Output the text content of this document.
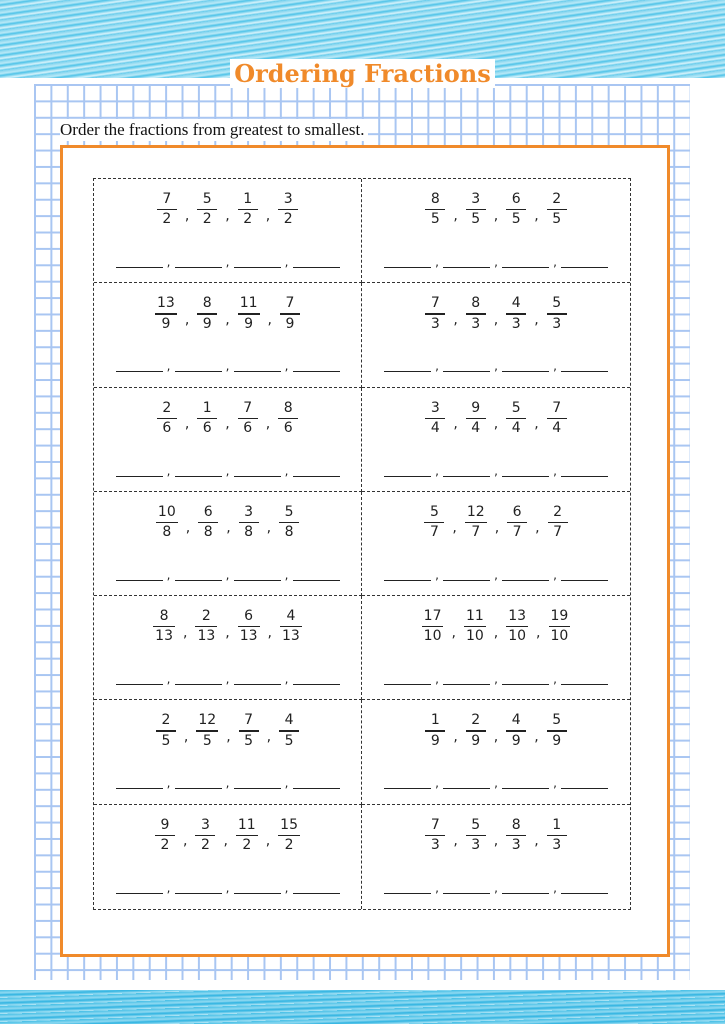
Ordering Fractions
Order the fractions from greatest to smallest.
$\frac{7}{2}$ , $\frac{5}{2}$ , $\frac{1}{2}$ , $\frac{3}{2}$
,	,	,
$\frac{8}{5}$ , $\frac{3}{5}$ , $\frac{6}{5}$ , $\frac{2}{5}$
,	,	,
$\frac{13}{9}$ , $\frac{8}{9}$ , $\frac{11}{9}$ , $\frac{7}{9}$
,	,	,
$\frac{7}{3}$ , $\frac{8}{3}$ , $\frac{4}{3}$ , $\frac{5}{3}$
,	,	,
$\frac{2}{6}$ , $\frac{1}{6}$ , $\frac{7}{6}$ , $\frac{8}{6}$
,	,	,
$\frac{3}{4}$ , $\frac{9}{4}$ , $\frac{5}{4}$ , $\frac{7}{4}$
,	,	,
$\frac{10}{8}$ , $\frac{6}{8}$ , $\frac{3}{8}$ , $\frac{5}{8}$
,	,	,
$\frac{5}{7}$ , $\frac{12}{7}$ , $\frac{6}{7}$ , $\frac{2}{7}$
,	,	,
$\frac{8}{13}$ , $\frac{2}{13}$ , $\frac{6}{13}$ , $\frac{4}{13}$
,	,	,
$\frac{17}{10}$ , $\frac{11}{10}$ , $\frac{13}{10}$ , $\frac{19}{10}$
,	,	,
$\frac{2}{5}$ , $\frac{12}{5}$ , $\frac{7}{5}$ , $\frac{4}{5}$
,	,	,
$\frac{1}{9}$ , $\frac{2}{9}$ , $\frac{4}{9}$ , $\frac{5}{9}$
,	,	,
$\frac{9}{2}$ , $\frac{3}{2}$ , $\frac{11}{2}$ , $\frac{15}{2}$
,	,	,
$\frac{7}{3}$ , $\frac{5}{3}$ , $\frac{8}{3}$ , $\frac{1}{3}$
,	,	,
